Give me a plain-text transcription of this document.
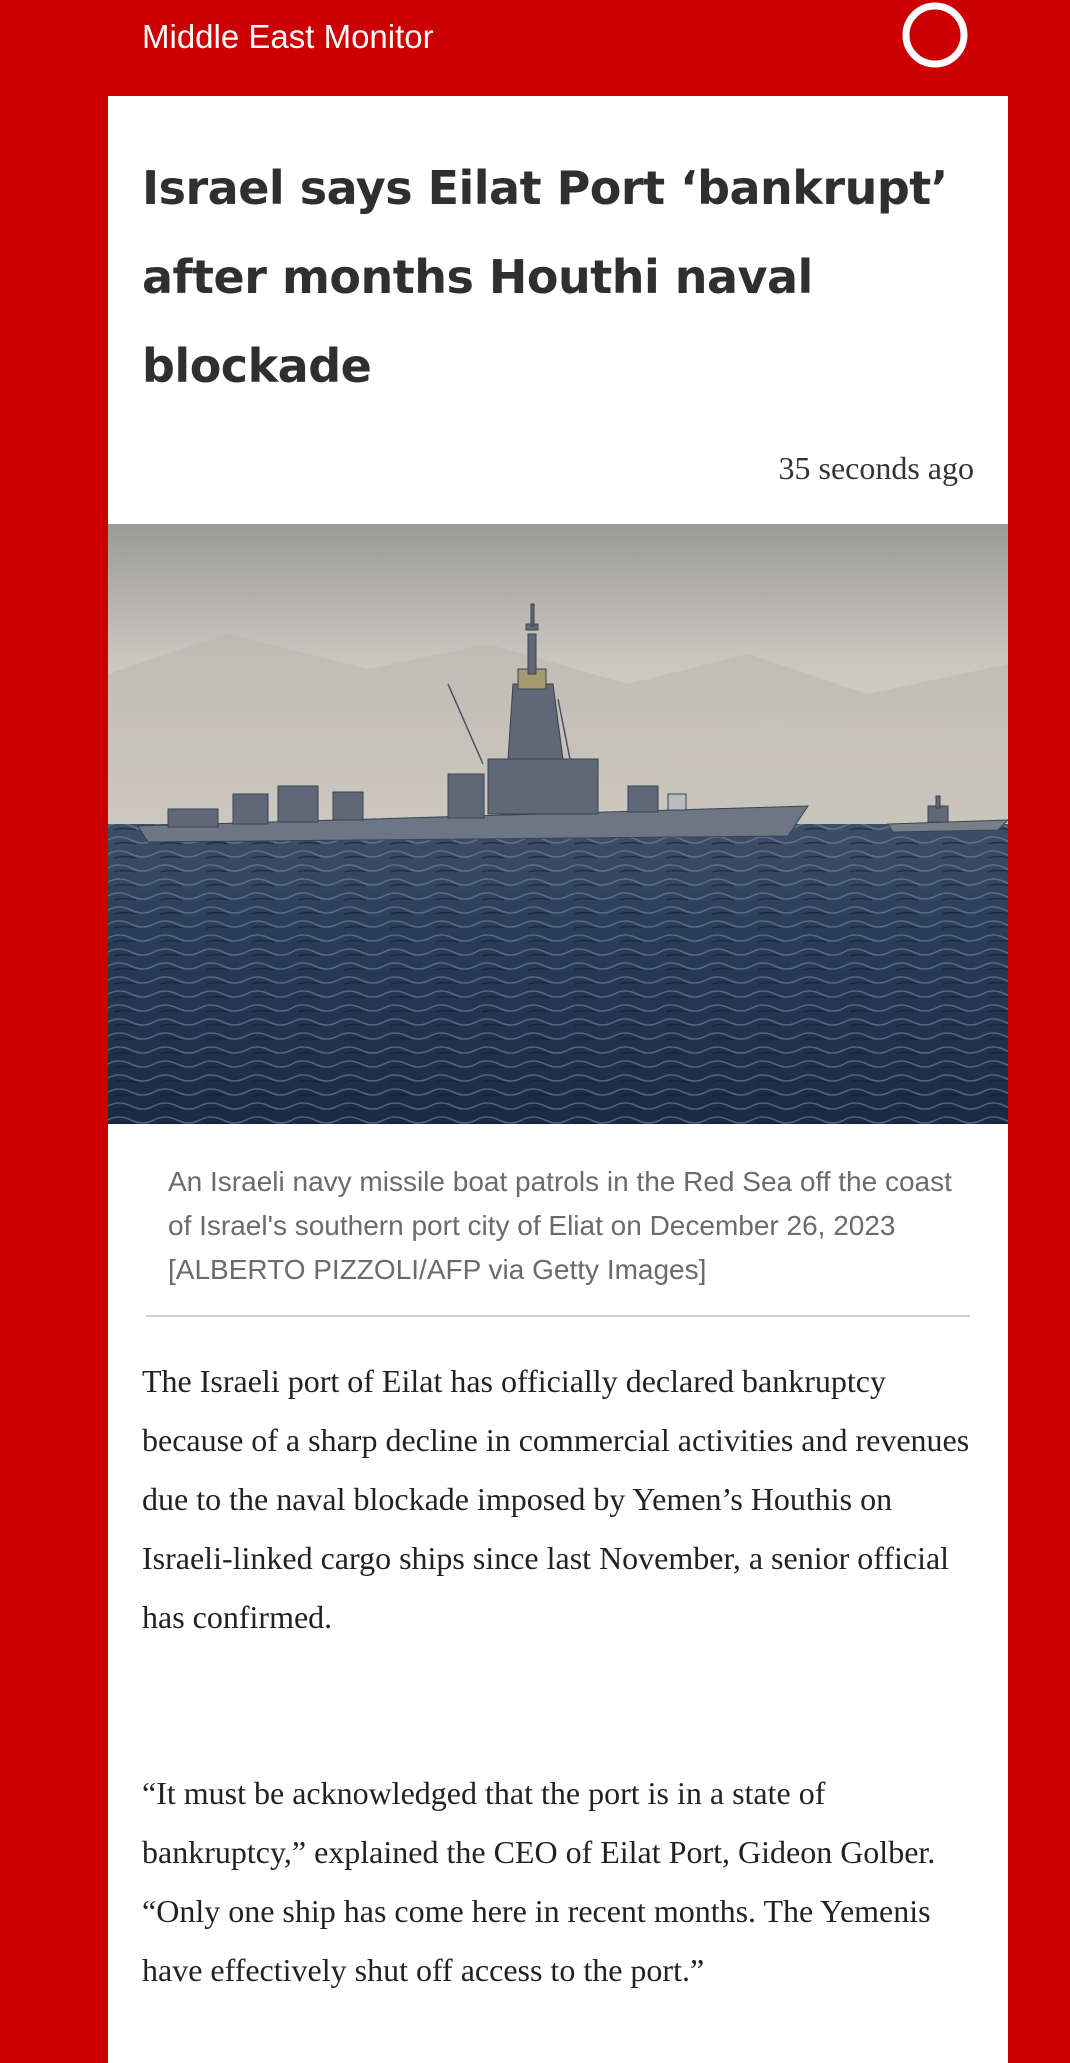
Middle East Monitor
Israel says Eilat Port ‘bankrupt’ after months Houthi naval blockade
35 seconds ago
An Israeli navy missile boat patrols in the Red Sea off the coast of Israel's southern port city of Eliat on December 26, 2023 [ALBERTO PIZZOLI/AFP via Getty Images]

The Israeli port of Eilat has officially declared bankruptcy because of a sharp decline in commercial activities and revenues due to the naval blockade imposed by Yemen’s Houthis on Israeli-linked cargo ships since last November, a senior official has confirmed.

“It must be acknowledged that the port is in a state of bankruptcy,” explained the CEO of Eilat Port, Gideon Golber. “Only one ship has come here in recent months. The Yemenis have effectively shut off access to the port.”
